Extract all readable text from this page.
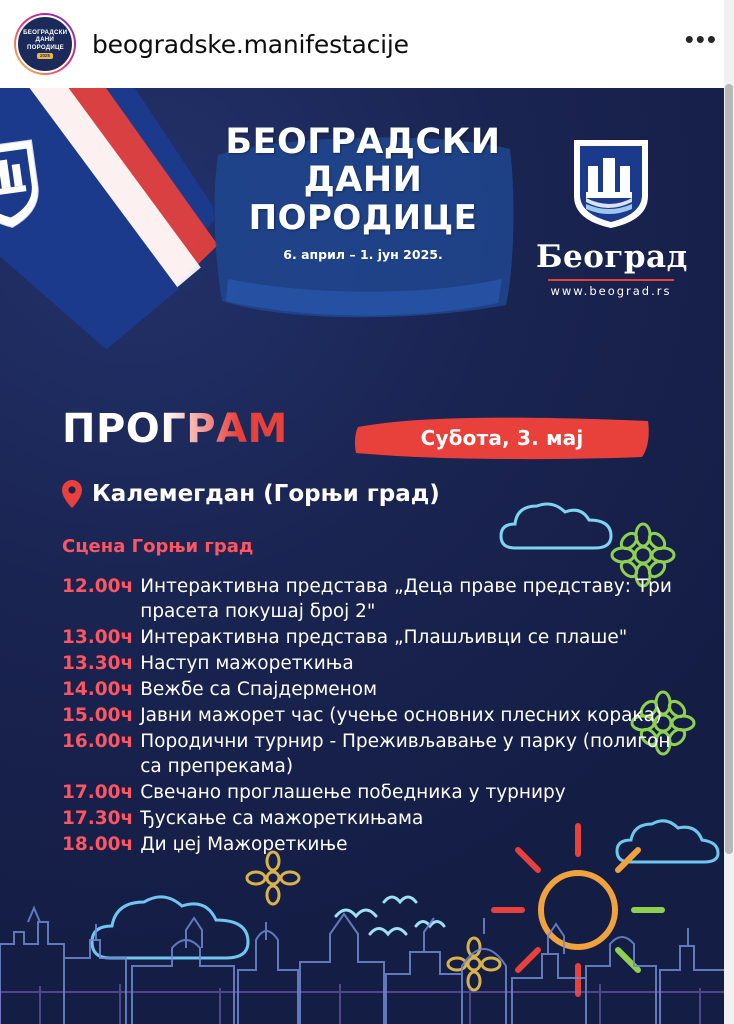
БЕОГРАДСКИ
ДАНИ
ПОРОДИЦЕ
2025 beogradske.manifestacije	•••
БЕОГРАДСКИ
ДАНИ
ПОРОДИЦЕ
6. април – 1. јун 2025.	Београд
www.beograd.rs
ПРОГРАМ	Субота, 3. мај
Калемегдан (Горњи град)
Сцена Горњи град
12.00ч Интерактивна представа „Деца праве представу: Три прасета покушај број 2"
13.00ч Интерактивна представа „Плашљивци се плаше"
13.30ч Наступ мажореткиња
14.00ч Вежбе са Спајдерменом
15.00ч Јавни мажорет час (учење основних плесних корака)
16.00ч Породични турнир - Преживљавање у парку (полигон са препрекама)
17.00ч Свечано проглашење победника у турниру
17.30ч Ђускање са мажореткињама
18.00ч Ди џеј Мажореткиње
